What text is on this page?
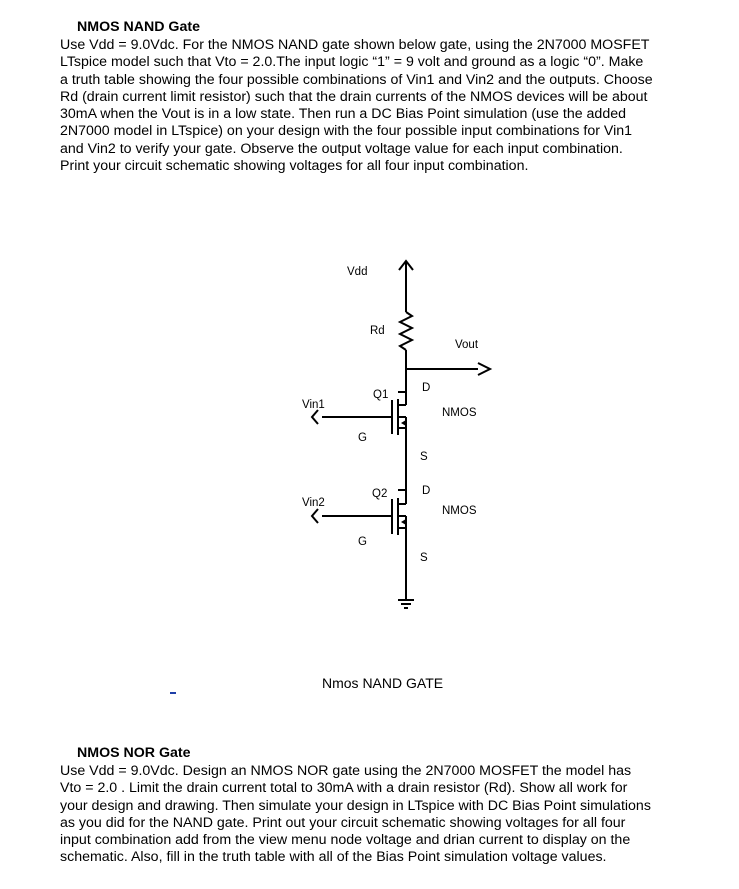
NMOS NAND Gate
Use Vdd = 9.0Vdc. For the NMOS NAND gate shown below gate, using the 2N7000 MOSFET
LTspice model such that Vto = 2.0.The input logic “1” = 9 volt and ground as a logic “0”. Make
a truth table showing the four possible combinations of Vin1 and Vin2 and the outputs. Choose
Rd (drain current limit resistor) such that the drain currents of the NMOS devices will be about
30mA when the Vout is in a low state. Then run a DC Bias Point simulation (use the added
2N7000 model in LTspice) on your design with the four possible input combinations for Vin1
and Vin2 to verify your gate. Observe the output voltage value for each input combination.
Print your circuit schematic showing voltages for all four input combination.
Vdd
Rd
Vout
Q1
D
NMOS
Vin1
G
S
Q2	D
NMOS
Vin2
G
S
Nmos NAND GATE
NMOS NOR Gate
Use Vdd = 9.0Vdc. Design an NMOS NOR gate using the 2N7000 MOSFET the model has
Vto = 2.0 . Limit the drain current total to 30mA with a drain resistor (Rd). Show all work for
your design and drawing. Then simulate your design in LTspice with DC Bias Point simulations
as you did for the NAND gate. Print out your circuit schematic showing voltages for all four
input combination add from the view menu node voltage and drian current to display on the
schematic. Also, fill in the truth table with all of the Bias Point simulation voltage values.
